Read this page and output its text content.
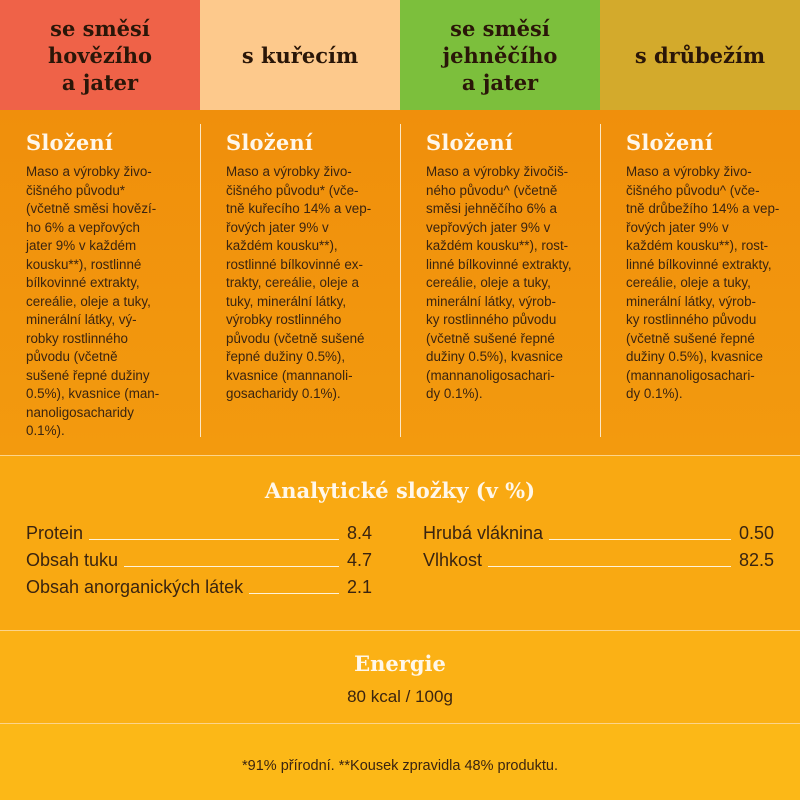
se směsí
hovězího
a jater
s kuřecím
se směsí
jehněčího
a jater
s drůbežím
Složení
Maso a výrobky živo-
čišného původu*
(včetně směsi hovězí-
ho 6% a vepřových
jater 9% v každém
kousku**), rostlinné
bílkovinné extrakty,
cereálie, oleje a tuky,
minerální látky, vý-
robky rostlinného
původu (včetně
sušené řepné dužiny
0.5%), kvasnice (man-
nanoligosacharidy
0.1%).
Složení
Maso a výrobky živo-
čišného původu* (vče-
tně kuřecího 14% a vep-
řových jater 9% v
každém kousku**),
rostlinné bílkovinné ex-
trakty, cereálie, oleje a
tuky, minerální látky,
výrobky rostlinného
původu (včetně sušené
řepné dužiny 0.5%),
kvasnice (mannanoli-
gosacharidy 0.1%).
Složení
Maso a výrobky živočiš-
ného původu^ (včetně
směsi jehněčího 6% a
vepřových jater 9% v
každém kousku**), rost-
linné bílkovinné extrakty,
cereálie, oleje a tuky,
minerální látky, výrob-
ky rostlinného původu
(včetně sušené řepné
dužiny 0.5%), kvasnice
(mannanoligosachari-
dy 0.1%).
Složení
Maso a výrobky živo-
čišného původu^ (vče-
tně drůbežího 14% a vep-
řových jater 9% v
každém kousku**), rost-
linné bílkovinné extrakty,
cereálie, oleje a tuky,
minerální látky, výrob-
ky rostlinného původu
(včetně sušené řepné
dužiny 0.5%), kvasnice
(mannanoligosachari-
dy 0.1%).
Analytické složky (v %)
Protein	8.4
Obsah tuku	4.7
Obsah anorganických látek	2.1
Hrubá vláknina	0.50
Vlhkost	82.5
Energie
80 kcal / 100g
*91% přírodní. **Kousek zpravidla 48% produktu.
